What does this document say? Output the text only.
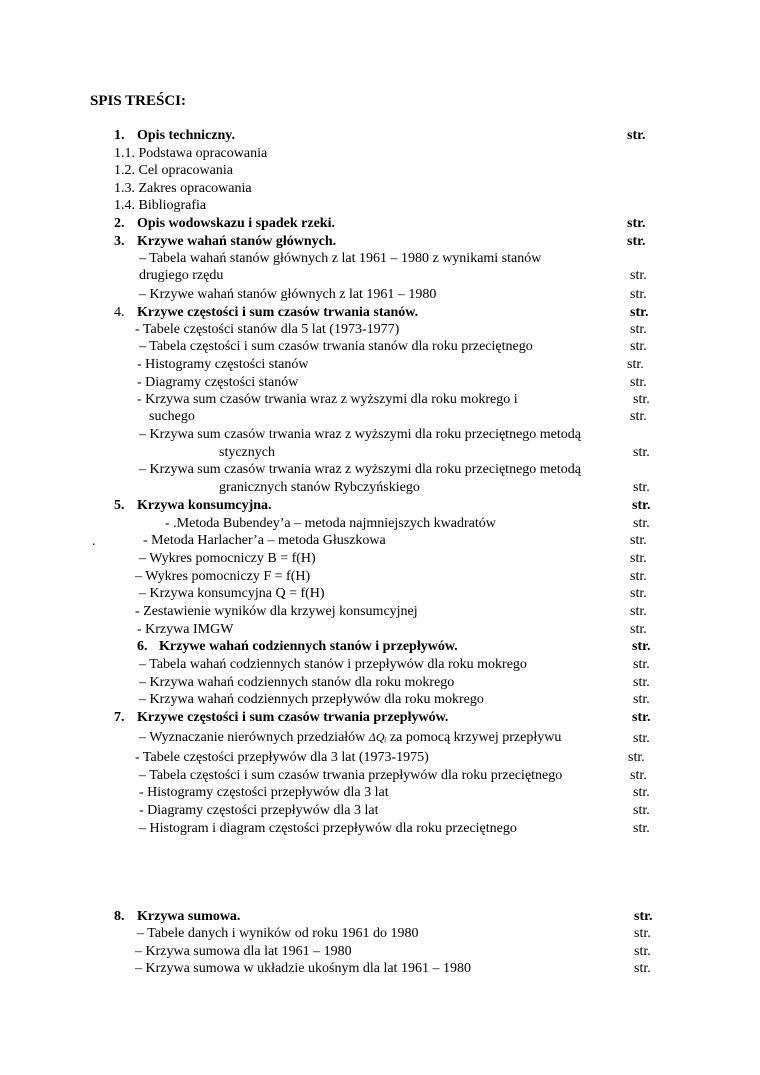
SPIS TREŚCI:
1. Opis techniczny.	str.
1.1. Podstawa opracowania
1.2. Cel opracowania
1.3. Zakres opracowania
1.4. Bibliografia
2. Opis wodowskazu i spadek rzeki.	str.
3. Krzywe wahań stanów głównych.	str.
– Tabela wahań stanów głównych z lat 1961 – 1980 z wynikami stanów
drugiego rzędu	str.
– Krzywe wahań stanów głównych z lat 1961 – 1980	str.
4. Krzywe częstości i sum czasów trwania stanów.	str.
- Tabele częstości stanów dla 5 lat (1973-1977)	str.
– Tabela częstości i sum czasów trwania stanów dla roku przeciętnego	str.
- Histogramy częstości stanów	str.
- Diagramy częstości stanów	str.
- Krzywa sum czasów trwania wraz z wyższymi dla roku mokrego i	str.
suchego	str.
– Krzywa sum czasów trwania wraz z wyższymi dla roku przeciętnego metodą
stycznych	str.
– Krzywa sum czasów trwania wraz z wyższymi dla roku przeciętnego metodą
granicznych stanów Rybczyńskiego	str.
5. Krzywa konsumcyjna.	str.
- .Metoda Bubendey’a – metoda najmniejszych kwadratów	str.
.	- Metoda Harlacher’a – metoda Głuszkowa	str.
– Wykres pomocniczy B = f(H)	str.
– Wykres pomocniczy F = f(H)	str.
– Krzywa konsumcyjna Q = f(H)	str.
- Zestawienie wyników dla krzywej konsumcyjnej	str.
- Krzywa IMGW	str.
6. Krzywe wahań codziennych stanów i przepływów.	str.
– Tabela wahań codziennych stanów i przepływów dla roku mokrego	str.
– Krzywa wahań codziennych stanów dla roku mokrego	str.
– Krzywa wahań codziennych przepływów dla roku mokrego	str.
7. Krzywe częstości i sum czasów trwania przepływów.	str.
– Wyznaczanie nierównych przedziałów ΔQᵢ za pomocą krzywej przepływu	str.
- Tabele częstości przepływów dla 3 lat (1973-1975)	str.
– Tabela częstości i sum czasów trwania przepływów dla roku przeciętnego	str.
- Histogramy częstości przepływów dla 3 lat	str.
- Diagramy częstości przepływów dla 3 lat	str.
– Histogram i diagram częstości przepływów dla roku przeciętnego	str.
8. Krzywa sumowa.	str.
– Tabele danych i wyników od roku 1961 do 1980	str.
– Krzywa sumowa dla lat 1961 – 1980	str.
– Krzywa sumowa w układzie ukośnym dla lat 1961 – 1980	str.
